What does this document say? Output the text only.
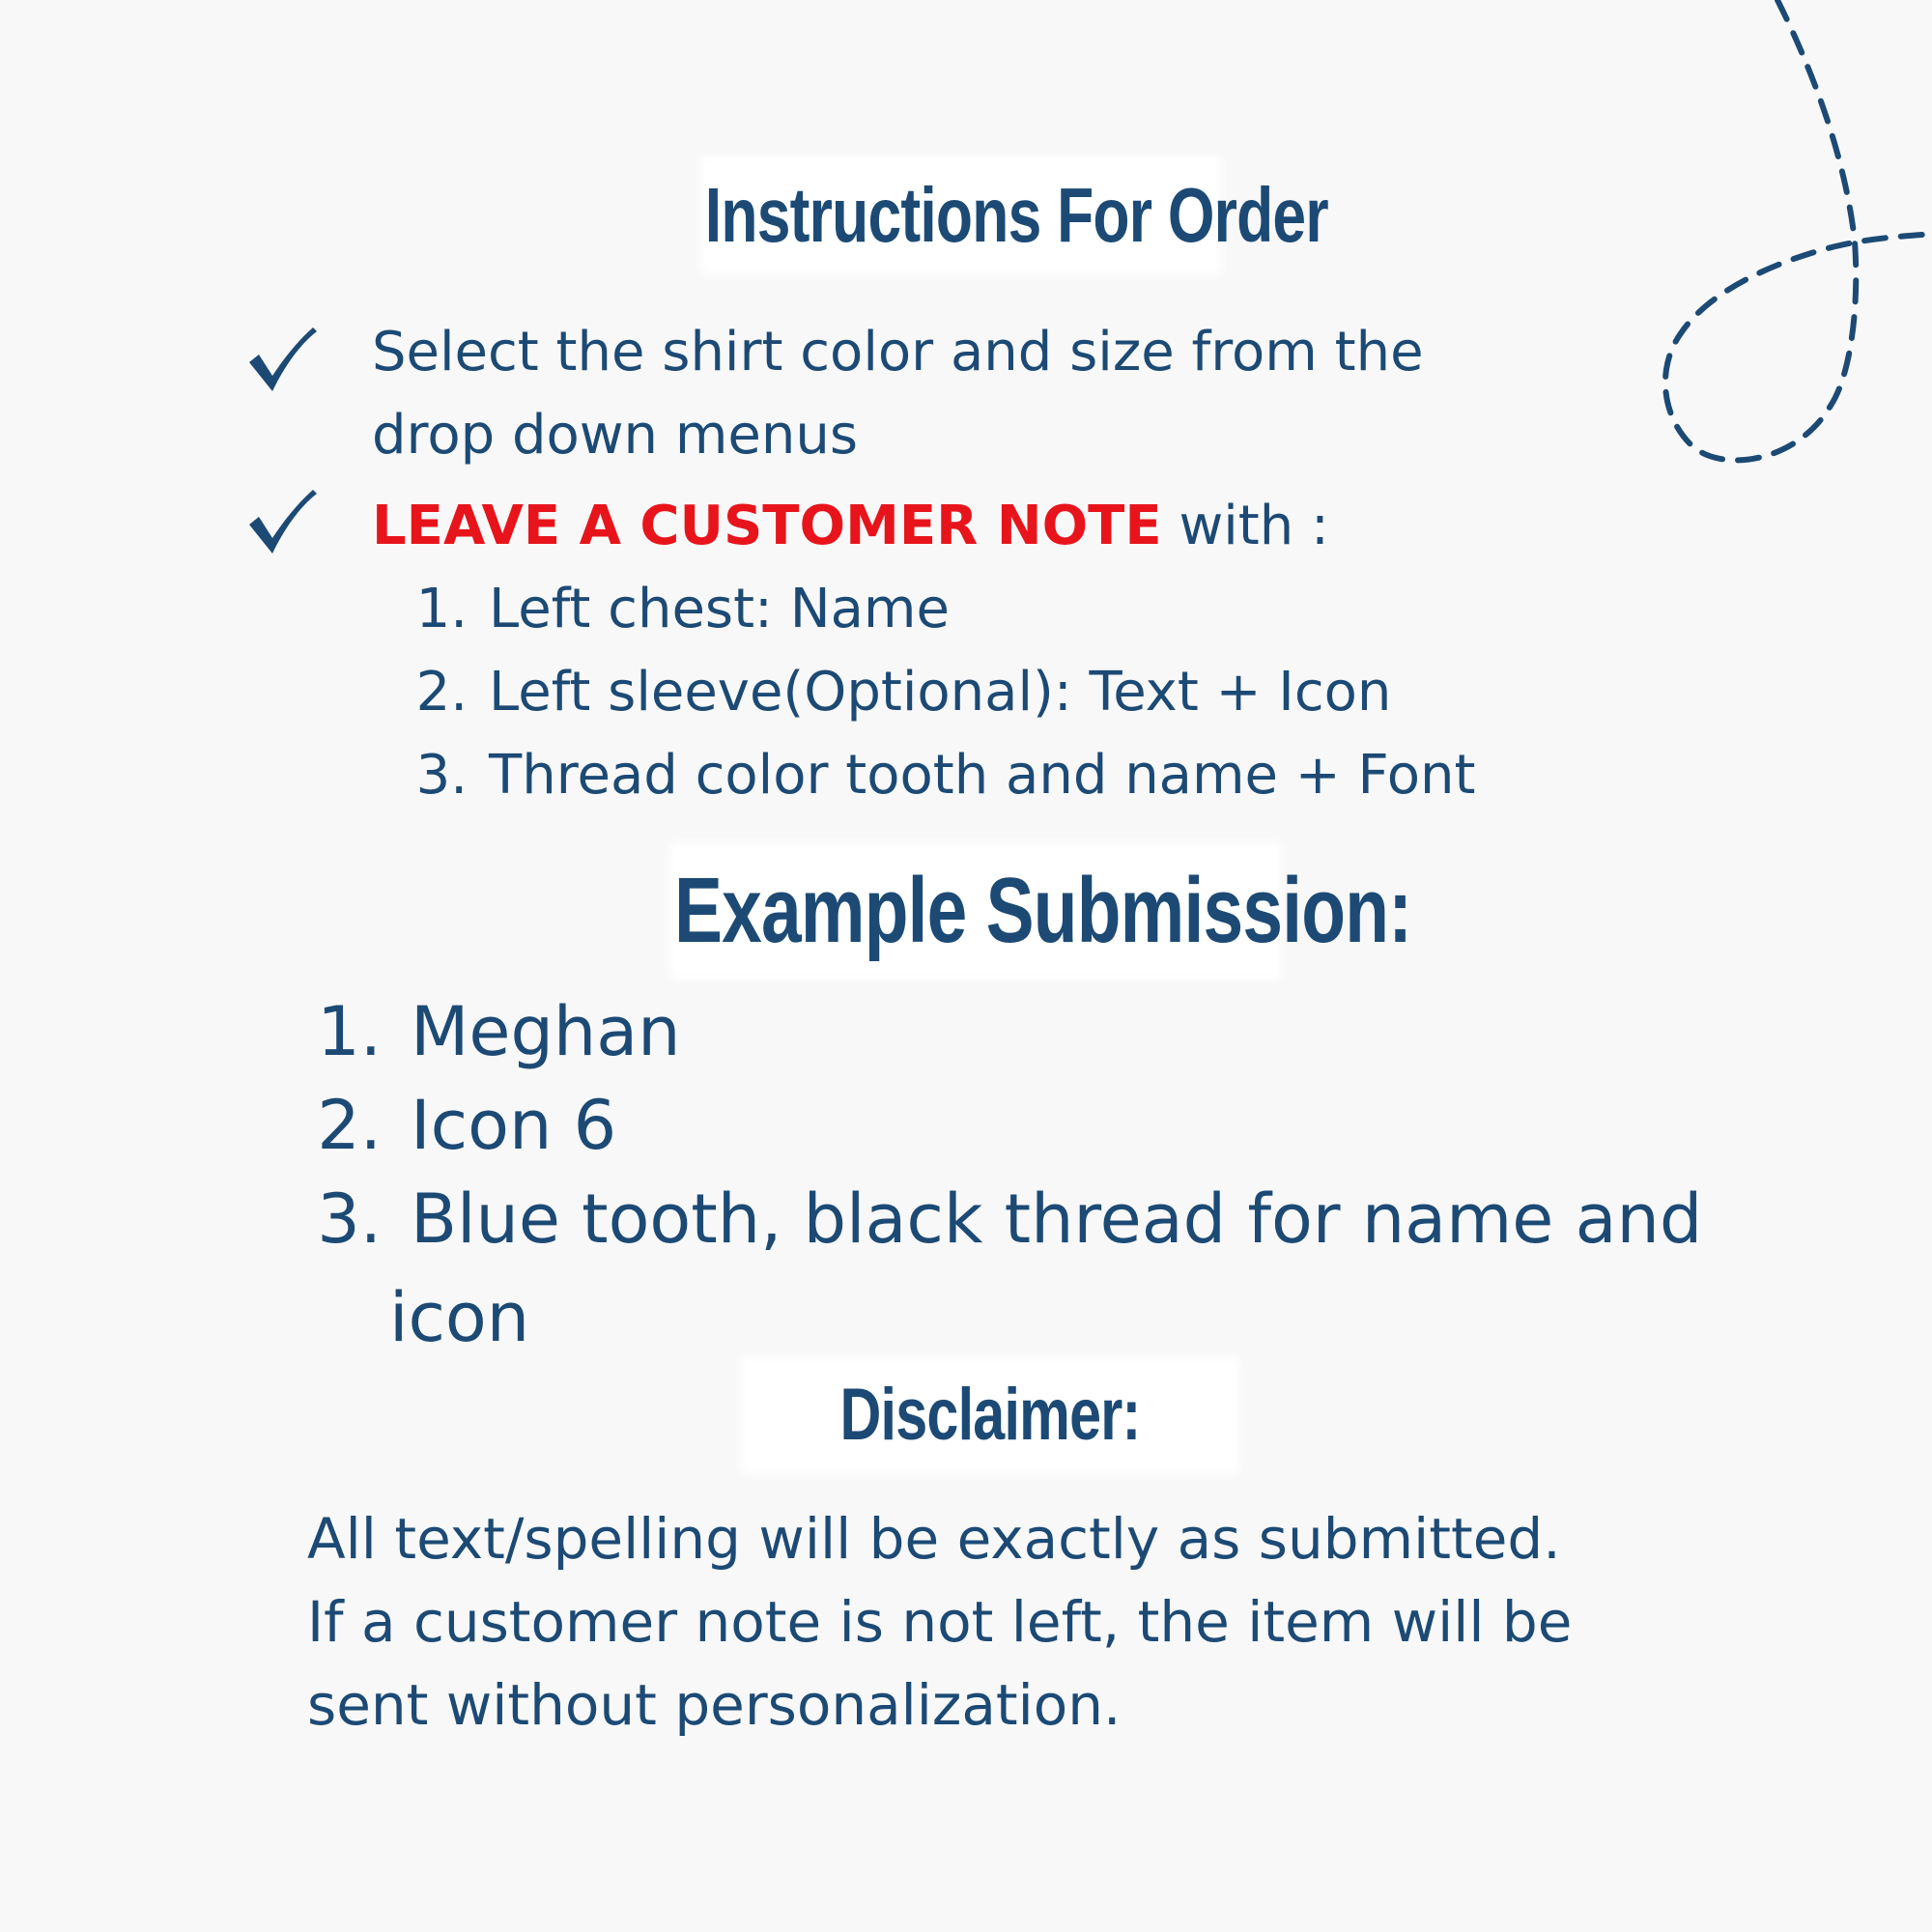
Instructions For Order
Select the shirt color and size from the
drop down menus
LEAVE A CUSTOMER NOTE with :
1. Left chest: Name
2. Left sleeve(Optional): Text + Icon
3. Thread color tooth and name + Font
Example Submission:
1. Meghan
2. Icon 6
3. Blue tooth, black thread for name and
icon
Disclaimer:
All text/spelling will be exactly as submitted.
If a customer note is not left, the item will be
sent without personalization.
